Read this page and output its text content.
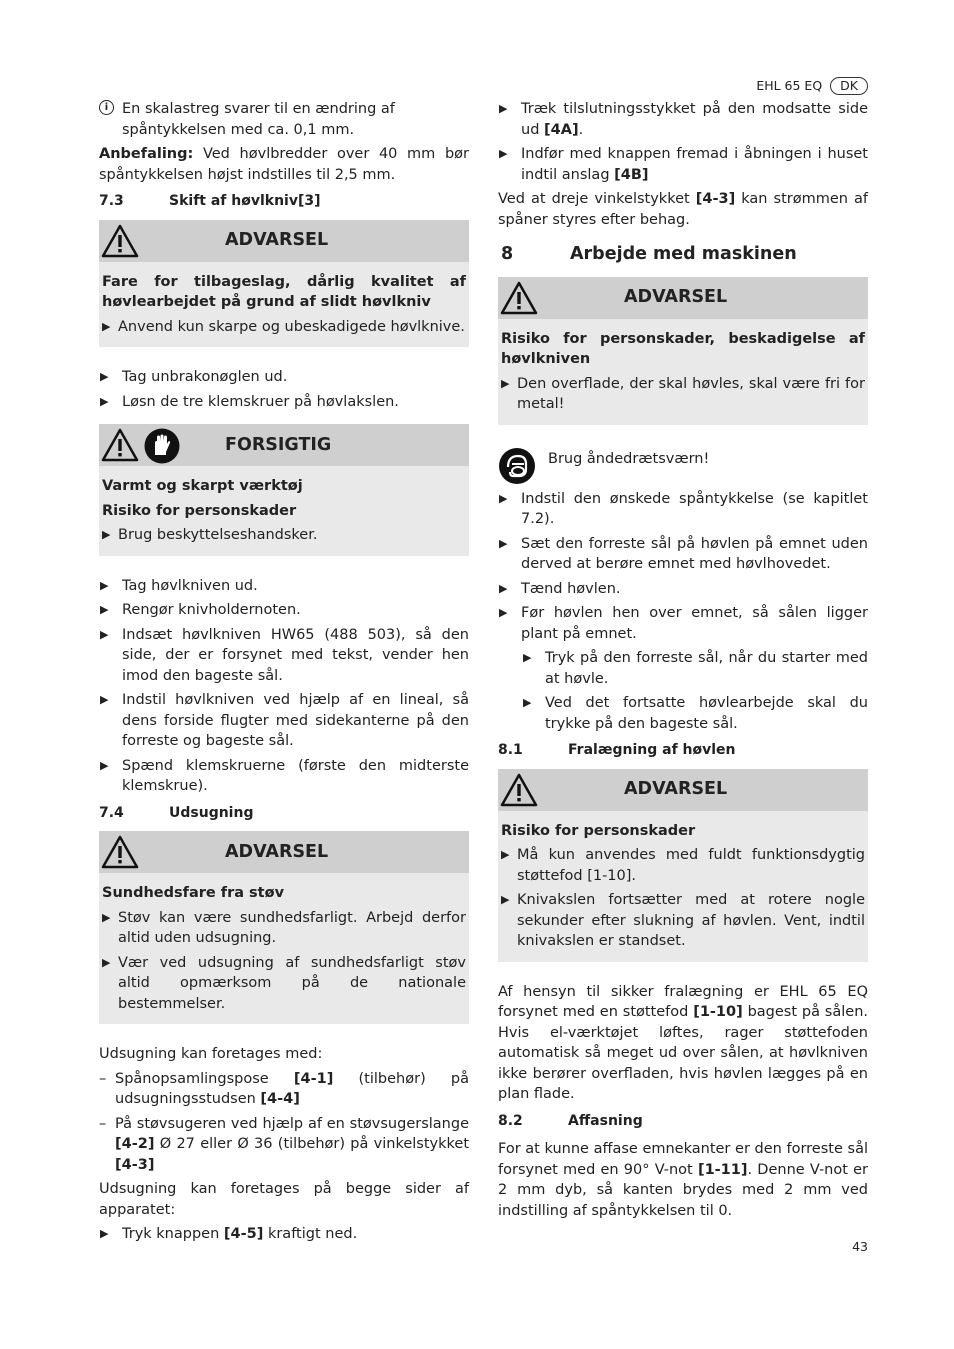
EHL 65 EQ	DK
i En skalastreg svarer til en ændring af spåntykkelsen med ca. 0,1 mm.

Anbefaling: Ved høvlbredder over 40 mm bør spåntykkelsen højst indstilles til 2,5 mm.

7.3	Skift af høvlkniv[3]
ADVARSEL

Fare for tilbageslag, dårlig kvalitet af høvlearbejdet på grund af slidt høvlkniv

▶ Anvend kun skarpe og ubeskadigede høvlknive.
▶ Tag unbrakonøglen ud.
▶ Løsn de tre klemskruer på høvlakslen.
FORSIGTIG

Varmt og skarpt værktøj

Risiko for personskader

▶ Brug beskyttelseshandsker.
▶ Tag høvlkniven ud.
▶ Rengør knivholdernoten.
▶ Indsæt høvlkniven HW65 (488 503), så den side, der er forsynet med tekst, vender hen imod den bageste sål.
▶ Indstil høvlkniven ved hjælp af en lineal, så dens forside flugter med sidekanterne på den forreste og bageste sål.
▶ Spænd klemskruerne (første den midterste klemskrue).
7.4	Udsugning
ADVARSEL

Sundhedsfare fra støv

▶ Støv kan være sundhedsfarligt. Arbejd derfor altid uden udsugning.
▶ Vær ved udsugning af sundhedsfarligt støv altid opmærksom på de nationale bestemmelser.

Udsugning kan foretages med:

– Spånopsamlingspose [4-1] (tilbehør) på udsugningsstudsen [4-4]
– På støvsugeren ved hjælp af en støvsugerslange [4-2] Ø 27 eller Ø 36 (tilbehør) på vinkelstykket [4-3]

Udsugning kan foretages på begge sider af apparatet:

▶ Tryk knappen [4-5] kraftigt ned.
▶ Træk tilslutningsstykket på den modsatte side ud [4A].
▶ Indfør med knappen fremad i åbningen i huset indtil anslag [4B]

Ved at dreje vinkelstykket [4-3] kan strømmen af spåner styres efter behag.

8	Arbejde med maskinen
ADVARSEL

Risiko for personskader, beskadigelse af høvlkniven

▶ Den overflade, der skal høvles, skal være fri for metal!
Brug åndedrætsværn!
▶ Indstil den ønskede spåntykkelse (se kapitlet 7.2).
▶ Sæt den forreste sål på høvlen på emnet uden derved at berøre emnet med høvlhovedet.
▶ Tænd høvlen.
▶ Før høvlen hen over emnet, så sålen ligger plant på emnet.
▶ Tryk på den forreste sål, når du starter med at høvle.
▶ Ved det fortsatte høvlearbejde skal du trykke på den bageste sål.
8.1	Fralægning af høvlen
ADVARSEL

Risiko for personskader

▶ Må kun anvendes med fuldt funktionsdygtig støttefod [1-10].
▶ Knivakslen fortsætter med at rotere nogle sekunder efter slukning af høvlen. Vent, indtil knivakslen er standset.

Af hensyn til sikker fralægning er EHL 65 EQ forsynet med en støttefod [1-10] bagest på sålen. Hvis el-værktøjet løftes, rager støttefoden automatisk så meget ud over sålen, at høvlkniven ikke berører overfladen, hvis høvlen lægges på en plan flade.

8.2	Affasning

For at kunne affase emnekanter er den forreste sål forsynet med en 90° V-not [1-11]. Denne V-not er 2 mm dyb, så kanten brydes med 2 mm ved indstilling af spåntykkelsen til 0.

43
